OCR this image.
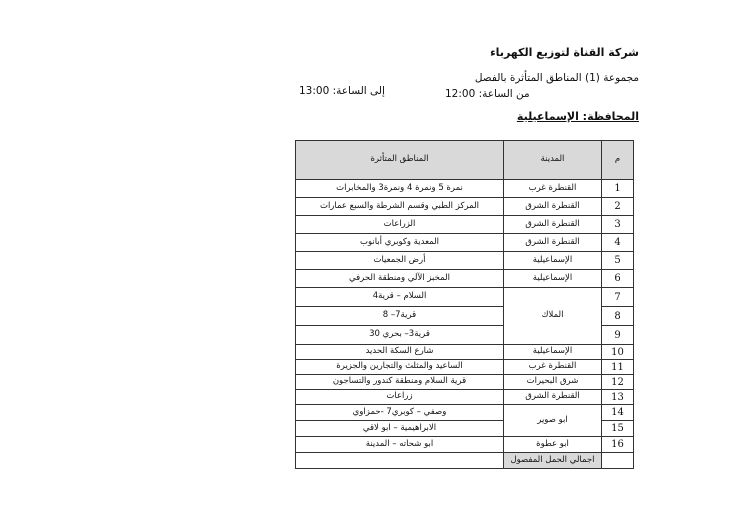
شركة القناة لتوزيع الكهرباء
مجموعة (1) المناطق المتأثرة بالفصل
من الساعة: 12:00
إلى الساعة: 13:00
المحافظة: الإسماعيلية
م	المدينة	المناطق المتأثرة
1	القنطرة غرب	نمرة 5 ونمرة 4 ونمرة3 والمخابرات
2	القنطرة الشرق	المركز الطبي وقسم الشرطة والسبع عمارات
3	القنطرة الشرق	الزراعات
4	القنطرة الشرق	المعدية وكوبري أبانوب
5	الإسماعيلية	أرض الجمعيات
6	الإسماعيلية	المخبز الآلي ومنطقة الحرفي
7	الملاك	السلام – قرية4
8		قرية7– 8
9		قرية3– بحري 30
10	الإسماعيلية	شارع السكة الحديد
11	القنطرة غرب	الساعيد والمثلث والتجارين والجزيرة
12	شرق البحيرات	قرية السلام ومنطقة كندور والتساجون
13	القنطرة الشرق	زراعات
14	ابو صوير	وصفي – كوبري7 -حمزاوي
15		الابراهيمية – ابو لاقي
16	ابو عطوة	ابو شحاته – المدينة
	اجمالي الحمل المفصول	
